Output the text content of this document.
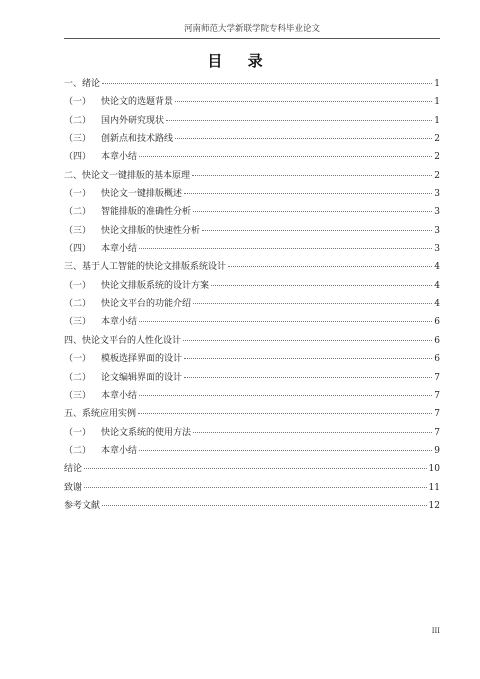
河南师范大学新联学院专科毕业论文
目 录
一、 绪论	1
（一） 快论文的选题背景	1
（二） 国内外研究现状	1
（三） 创新点和技术路线	2
（四） 本章小结	2
二、 快论文一键排版的基本原理	2
（一） 快论文一键排版概述	3
（二） 智能排版的准确性分析	3
（三） 快论文排版的快速性分析	3
（四） 本章小结	3
三、 基于人工智能的快论文排版系统设计	4
（一） 快论文排版系统的设计方案	4
（二） 快论文平台的功能介绍	4
（三） 本章小结	6
四、 快论文平台的人性化设计	6
（一） 模板选择界面的设计	6
（二） 论文编辑界面的设计	7
（三） 本章小结	7
五、 系统应用实例	7
（一） 快论文系统的使用方法	7
（二） 本章小结	9
结论	10
致谢	11
参考文献	12
III
